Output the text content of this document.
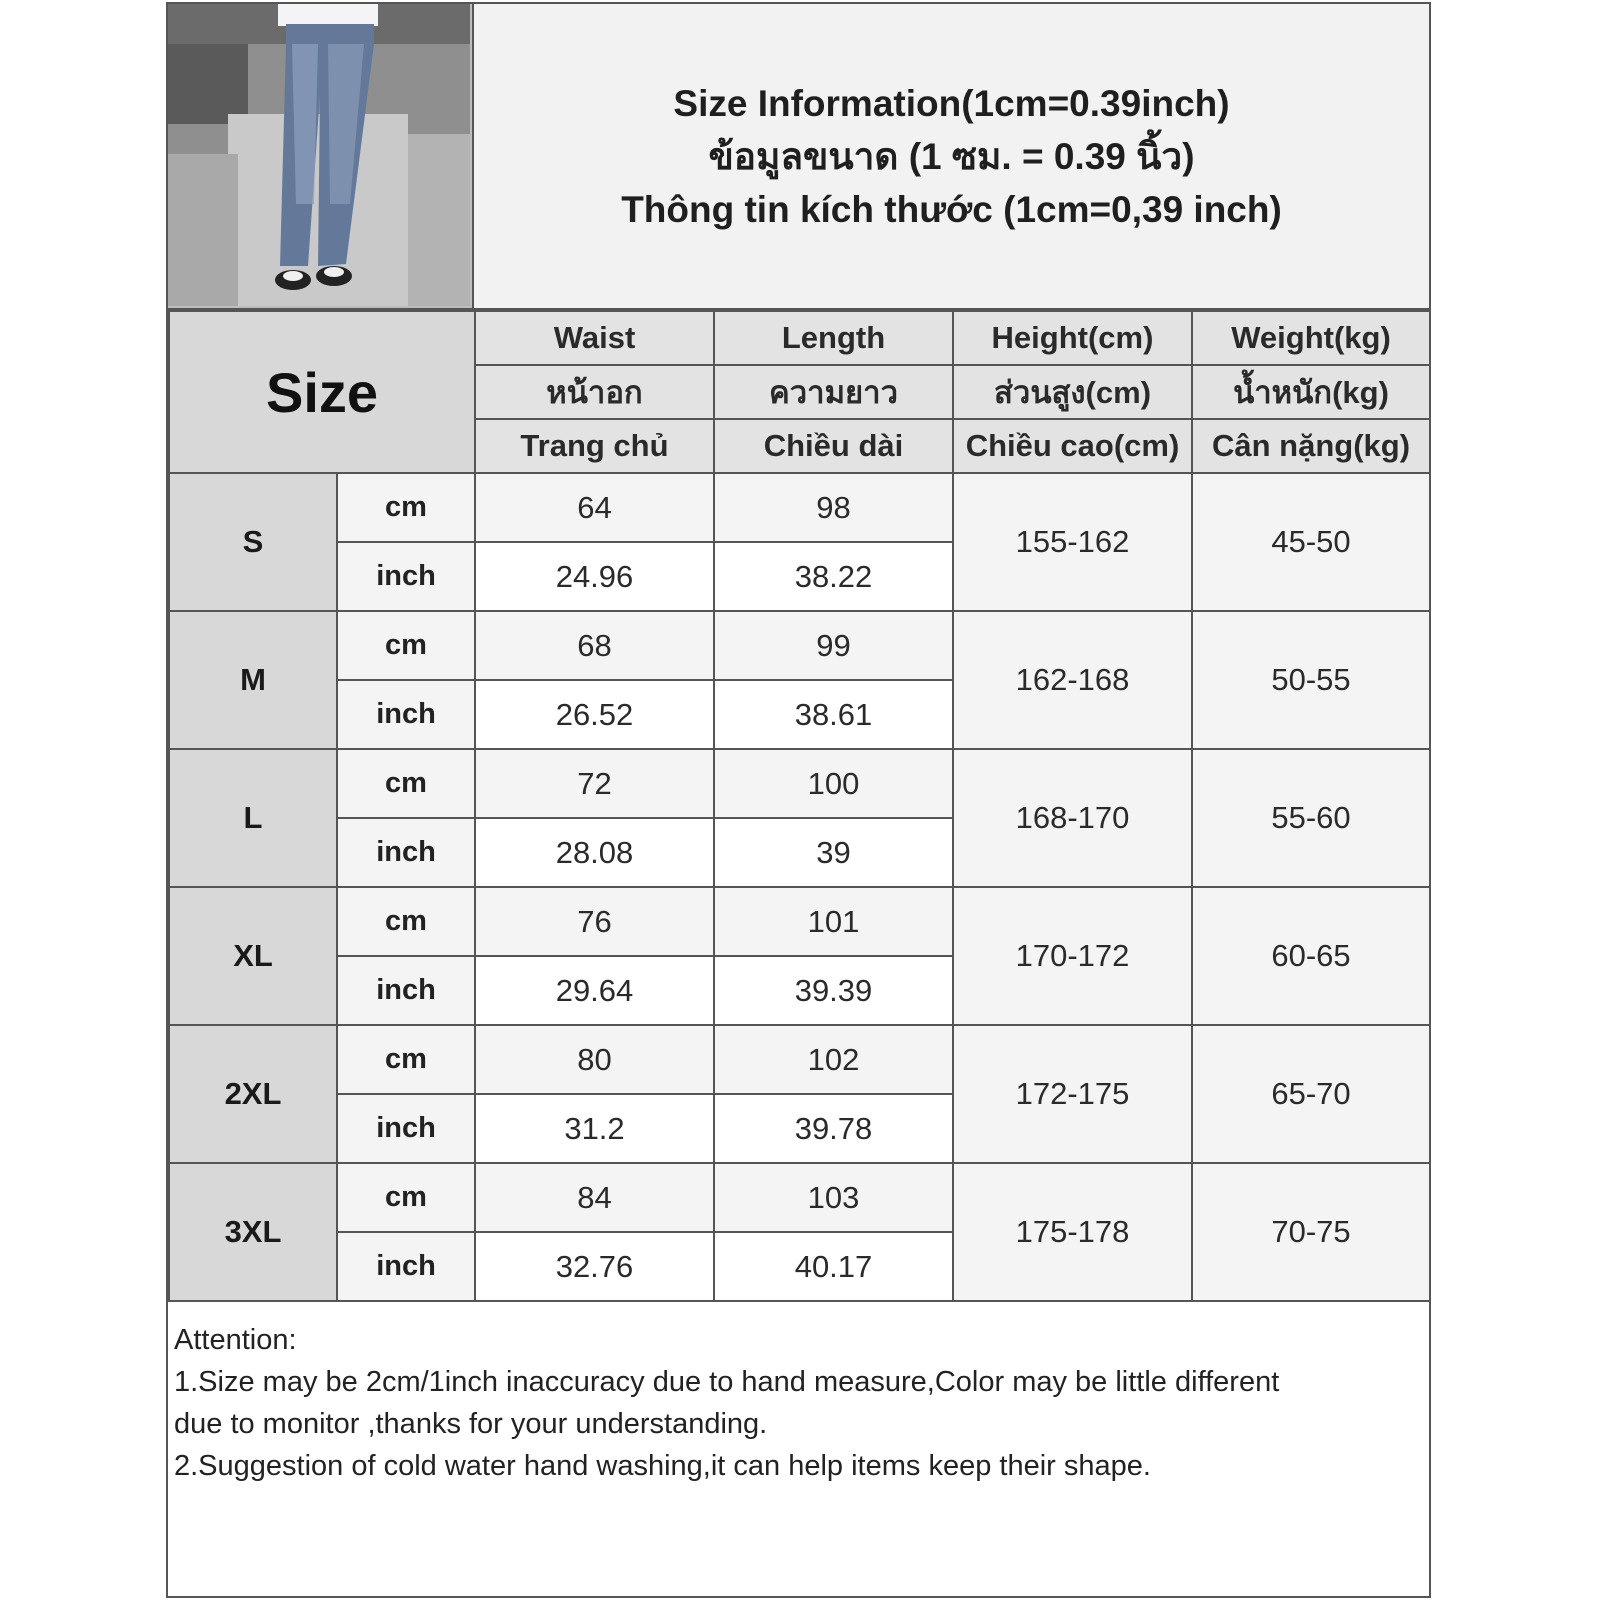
Size Information(1cm=0.39inch)
ข้อมูลขนาด (1 ซม. = 0.39 นิ้ว)
Thông tin kích thước (1cm=0,39 inch)
Size		Waist	Length	Height(cm)	Weight(kg)
		หน้าอก	ความยาว	ส่วนสูง(cm)	น้ำหนัก(kg)
		Trang chủ	Chiều dài	Chiều cao(cm)	Cân nặng(kg)
S	cm	64	98	155-162	45-50
	inch	24.96	38.22		
M	cm	68	99	162-168	50-55
	inch	26.52	38.61		
L	cm	72	100	168-170	55-60
	inch	28.08	39		
XL	cm	76	101	170-172	60-65
	inch	29.64	39.39		
2XL	cm	80	102	172-175	65-70
	inch	31.2	39.78		
3XL	cm	84	103	175-178	70-75
	inch	32.76	40.17		

Attention:

1.Size may be 2cm/1inch inaccuracy due to hand measure,Color may be little different

due to monitor ,thanks for your understanding.

2.Suggestion of cold water hand washing,it can help items keep their shape.
